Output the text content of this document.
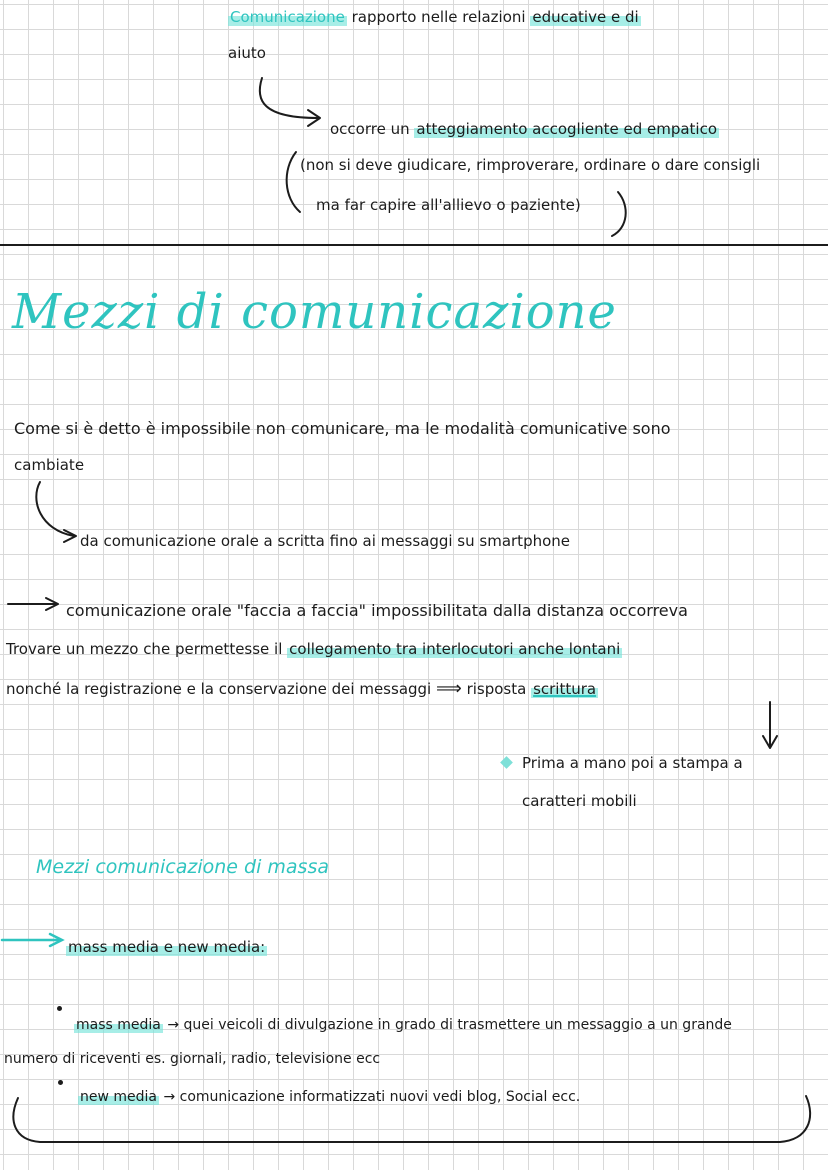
Comunicazione rapporto nelle relazioni educative e di
aiuto
occorre un atteggiamento accogliente ed empatico
(non si deve giudicare, rimproverare, ordinare o dare consigli
ma far capire all'allievo o paziente)
Mezzi di comunicazione
Come si è detto è impossibile non comunicare, ma le modalità comunicative sono
cambiate
da comunicazione orale a scritta fino ai messaggi su smartphone
comunicazione orale "faccia a faccia" impossibilitata dalla distanza occorreva
Trovare un mezzo che permettesse il collegamento tra interlocutori anche lontani
nonché la registrazione e la conservazione dei messaggi ⟹ risposta scrittura
Prima a mano poi a stampa a
caratteri mobili
Mezzi comunicazione di massa
mass media e new media:
mass media → quei veicoli di divulgazione in grado di trasmettere un messaggio a un grande
numero di riceventi es. giornali, radio, televisione ecc
new media → comunicazione informatizzati nuovi vedi blog, Social ecc.
